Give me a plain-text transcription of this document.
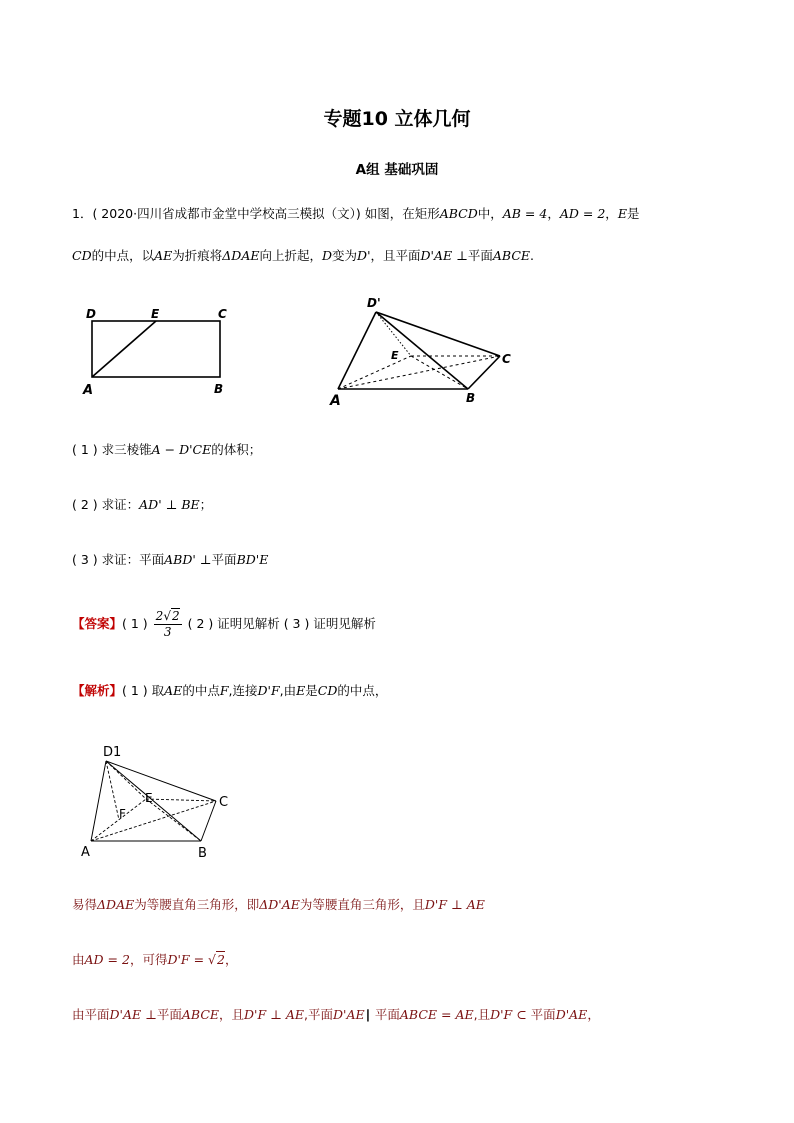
专题10 立体几何
A组 基础巩固
1．( 2020·四川省成都市金堂中学校高三模拟（文）) 如图，在矩形ABCD中，AB = 4，AD = 2，E是
CD的中点，以AE为折痕将ΔDAE向上折起，D变为D'，且平面D'AE ⊥平面ABCE.
D	E	C
A	B
D'
E	C
A	B
( 1 ) 求三棱锥A − D'CE的体积；
( 2 ) 求证：AD' ⊥ BE；
( 3 ) 求证：平面ABD' ⊥平面BD'E
【答案】 ( 1 ) $\frac{2√2}{3}$ ( 2 ) 证明见解析 ( 3 ) 证明见解析
【解析】( 1 ) 取AE的中点F,连接D'F,由E是CD的中点，
D1
E
F
C
A	B
易得ΔDAE为等腰直角三角形，即ΔD'AE为等腰直角三角形，且D'F ⊥ AE
由AD = 2，可得D'F = √2，
由平面D'AE ⊥平面ABCE，且D'F ⊥ AE,平面D'AE∣ 平面ABCE = AE,且D'F ⊂ 平面D'AE，
